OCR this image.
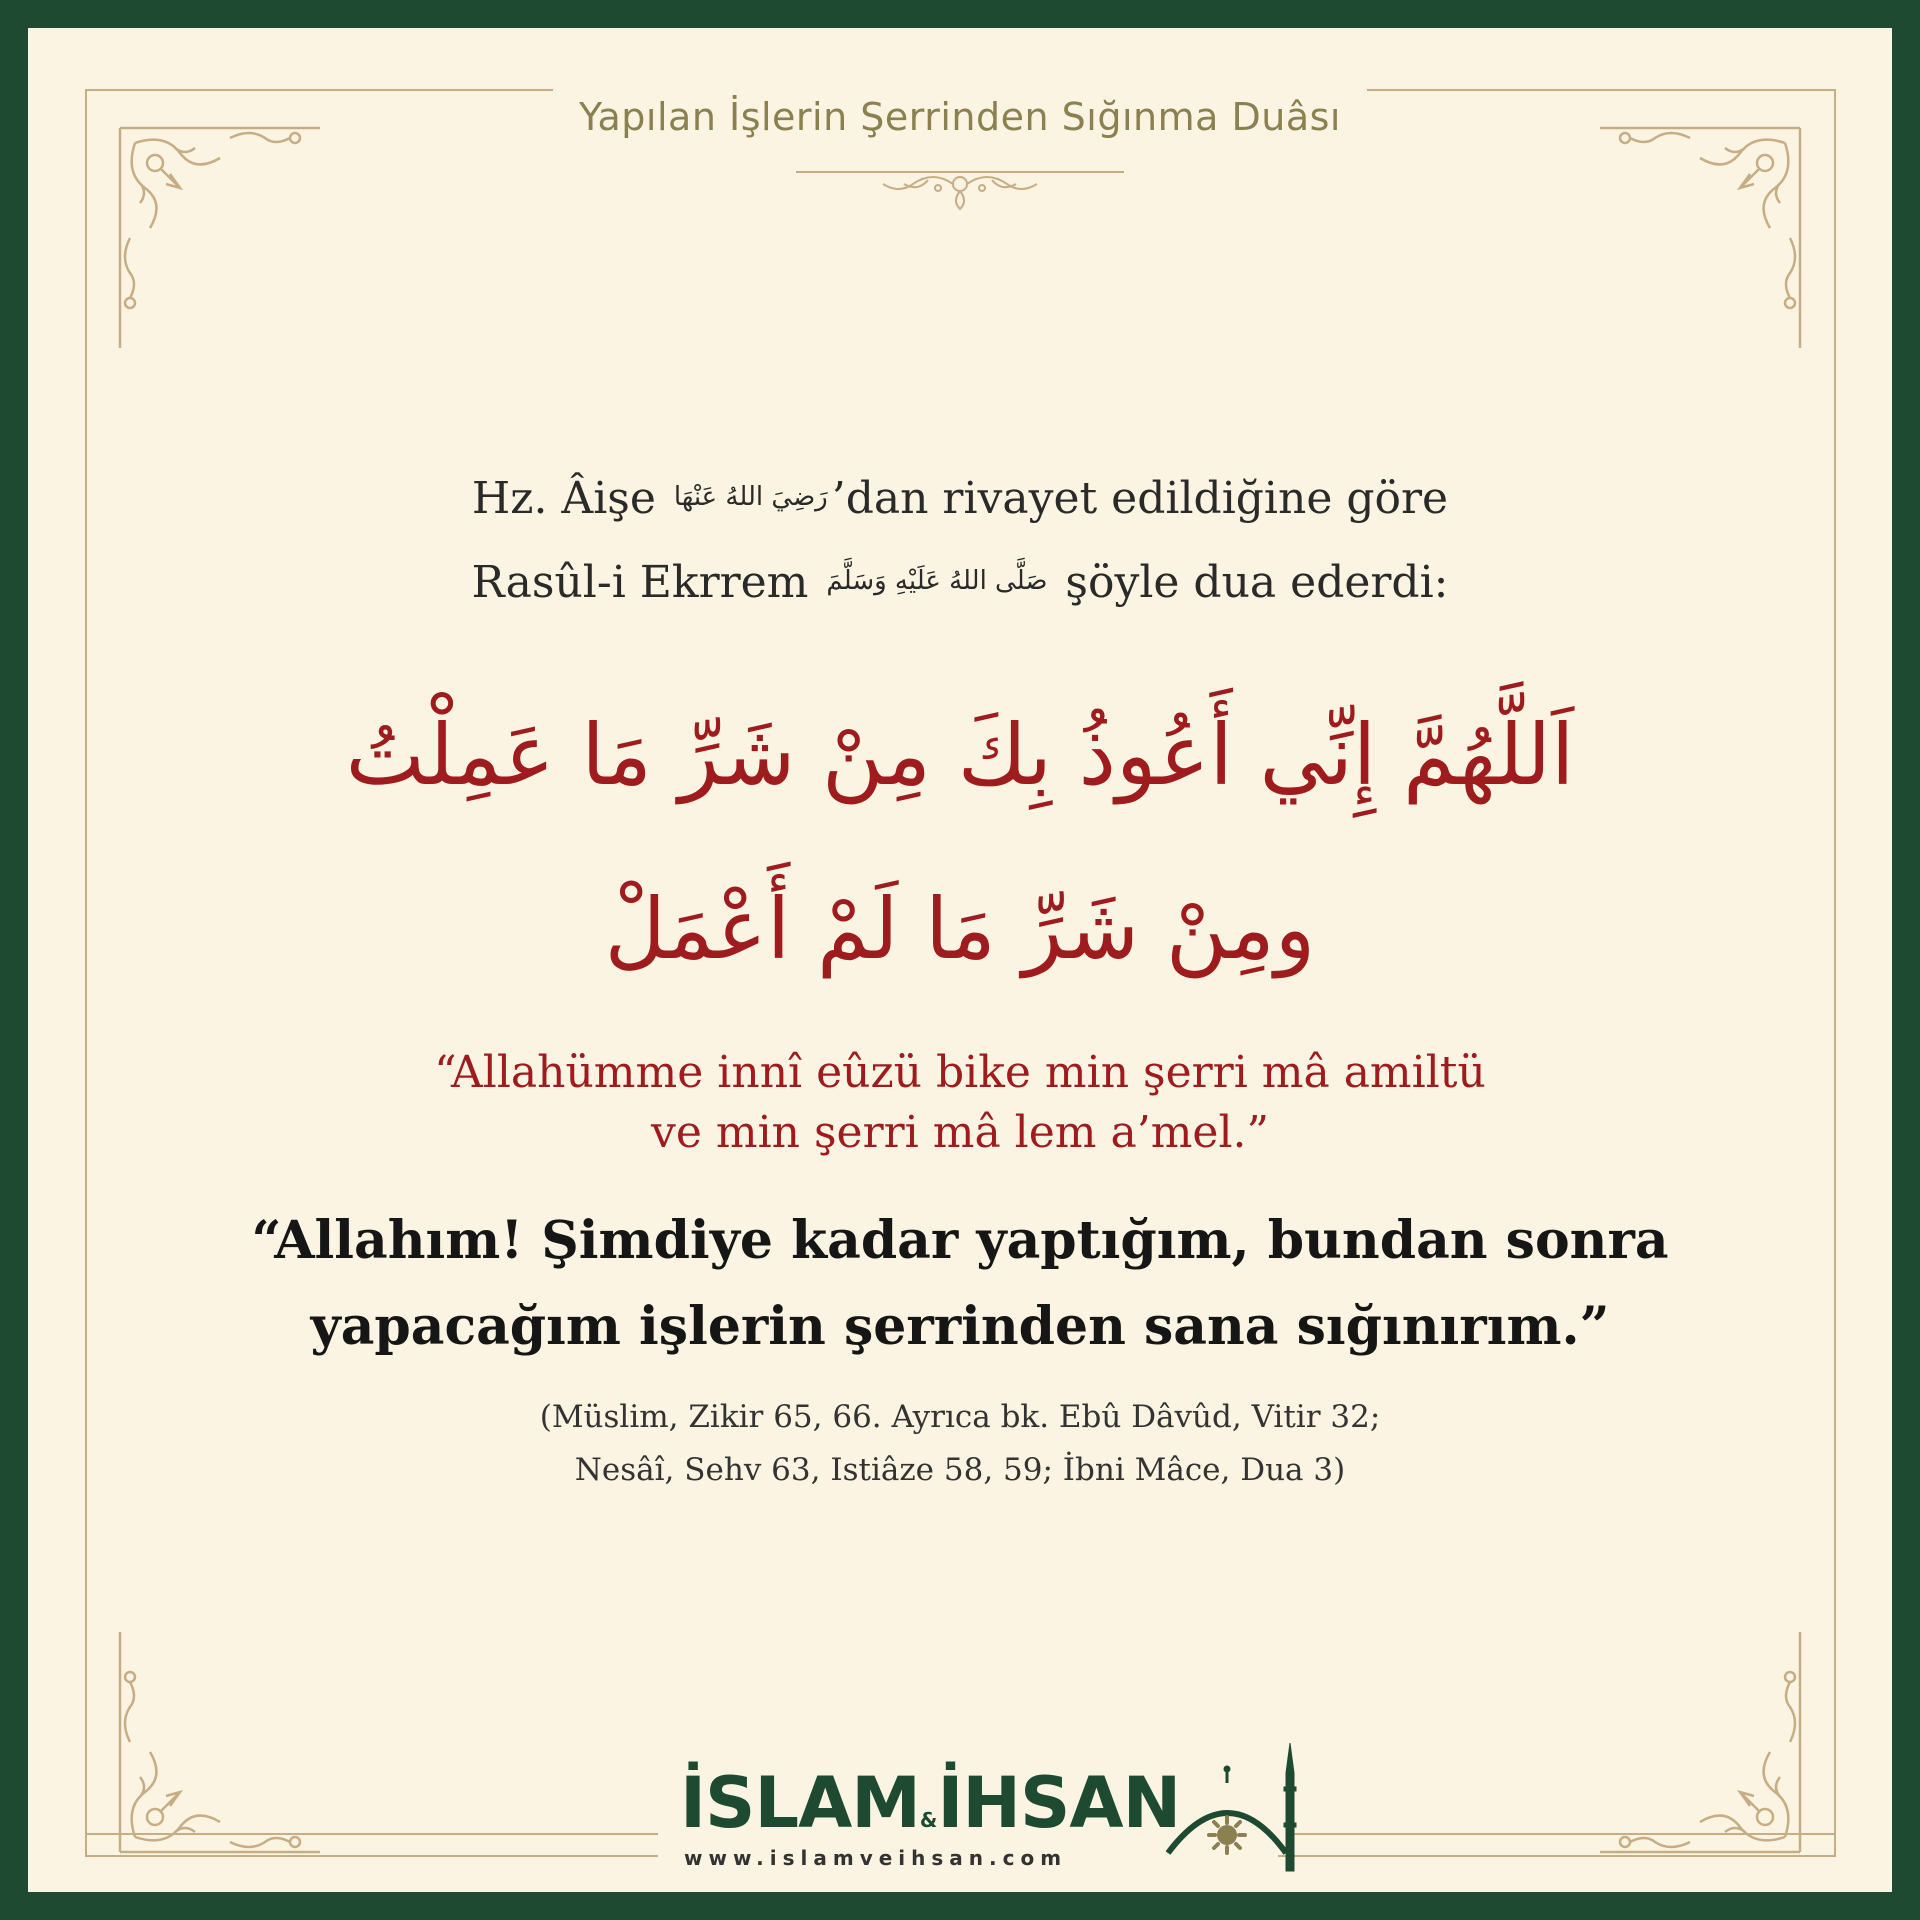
Yapılan İşlerin Şerrinden Sığınma Duâsı
Hz. Âişe رَضِيَ اللهُ عَنْهَا’dan rivayet edildiğine göre
Rasûl-i Ekrrem صَلَّى اللهُ عَلَيْهِ وَسَلَّمَ şöyle dua ederdi:
اَللَّهُمَّ إِنِّي أَعُوذُ بِكَ مِنْ شَرِّ مَا عَمِلْتُ
ومِنْ شَرِّ مَا لَمْ أَعْمَلْ
“Allahümme innî eûzü bike min şerri mâ amiltü
ve min şerri mâ lem a’mel.”
“Allahım! Şimdiye kadar yaptığım, bundan sonra
yapacağım işlerin şerrinden sana sığınırım.”
(Müslim, Zikir 65, 66. Ayrıca bk. Ebû Dâvûd, Vitir 32;
Nesâî, Sehv 63, Istiâze 58, 59; İbni Mâce, Dua 3)
İSLAM&İHSAN
www.islamveihsan.com
